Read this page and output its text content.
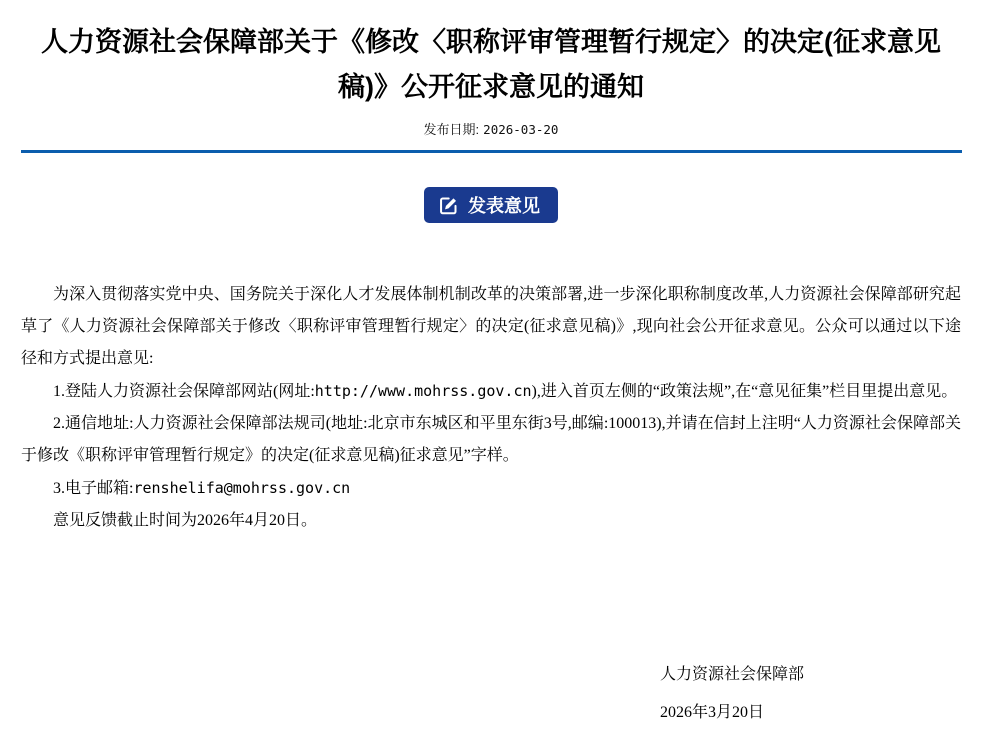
人力资源社会保障部关于《修改〈职称评审管理暂行规定〉的决定(征求意见稿)》公开征求意见的通知
发布日期: 2026-03-20
发表意见

为深入贯彻落实党中央、国务院关于深化人才发展体制机制改革的决策部署,进一步深化职称制度改革,人力资源社会保障部研究起草了《人力资源社会保障部关于修改〈职称评审管理暂行规定〉的决定(征求意见稿)》,现向社会公开征求意见。公众可以通过以下途径和方式提出意见:

1.登陆人力资源社会保障部网站(网址:http://www.mohrss.gov.cn),进入首页左侧的“政策法规”,在“意见征集”栏目里提出意见。

2.通信地址:人力资源社会保障部法规司(地址:北京市东城区和平里东街3号,邮编:100013),并请在信封上注明“人力资源社会保障部关于修改《职称评审管理暂行规定》的决定(征求意见稿)征求意见”字样。

3.电子邮箱:renshelifa@mohrss.gov.cn

意见反馈截止时间为2026年4月20日。

人力资源社会保障部
2026年3月20日
